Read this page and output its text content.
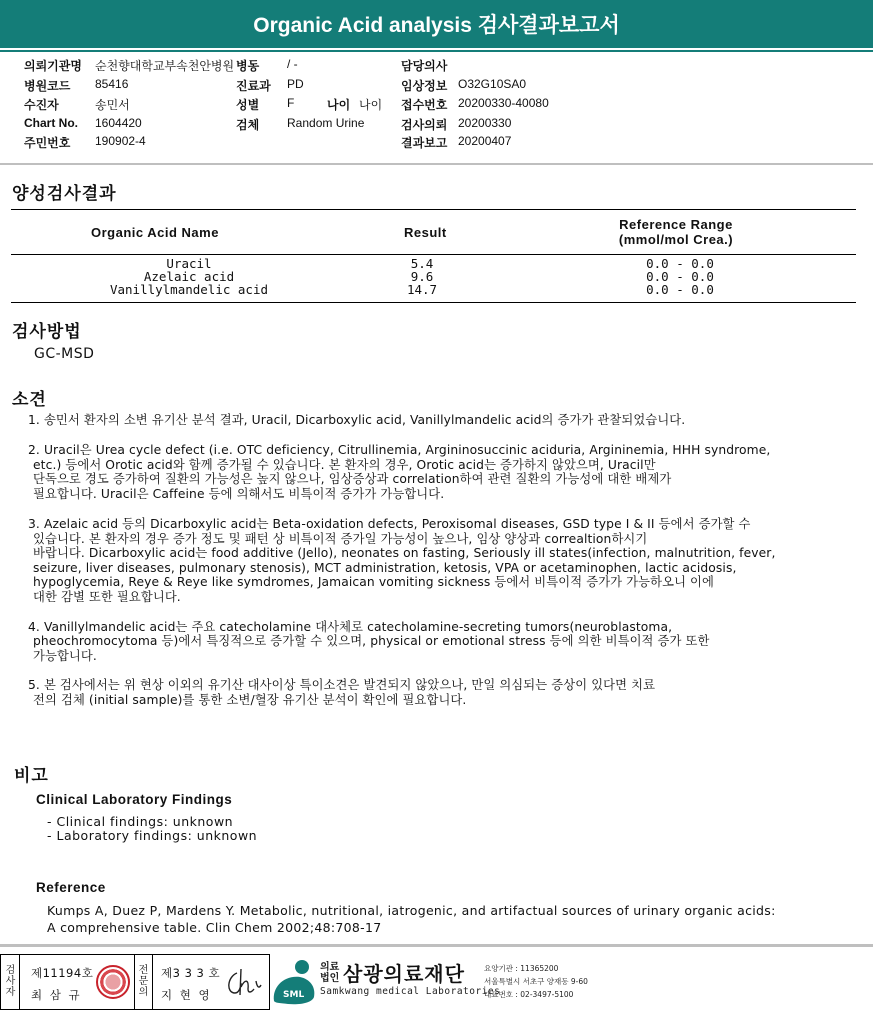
Organic Acid analysis 검사결과보고서
의뢰기관명 순천향대학교부속천안병원
병원코드 85416
수진자	송민서
Chart No. 1604420
주민번호 190902-4
병동 / -
진료과 PD
성별 F	나이 나이
검체 Random Urine
담당의사
임상정보 O32G10SA0
접수번호 20200330-40080
검사의뢰 20200330
결과보고 20200407
양성검사결과
Organic Acid Name	Result
Reference Range
(mmol/mol Crea.)
Uracil	5.4	0.0 - 0.0
Azelaic acid	9.6	0.0 - 0.0
Vanillylmandelic acid	14.7	0.0 - 0.0
검사방법
GC-MSD
소견
1. 송민서 환자의 소변 유기산 분석 결과, Uracil, Dicarboxylic acid, Vanillylmandelic acid의 증가가 관찰되었습니다.
2. Uracil은 Urea cycle defect (i.e. OTC deficiency, Citrullinemia, Argininosuccinic aciduria, Argininemia, HHH syndrome,
etc.) 등에서 Orotic acid와 함께 증가될 수 있습니다. 본 환자의 경우, Orotic acid는 증가하지 않았으며, Uracil만
단독으로 경도 증가하여 질환의 가능성은 높지 않으나, 임상증상과 correlation하여 관련 질환의 가능성에 대한 배제가
필요합니다. Uracil은 Caffeine 등에 의해서도 비특이적 증가가 가능합니다.
3. Azelaic acid 등의 Dicarboxylic acid는 Beta-oxidation defects, Peroxisomal diseases, GSD type I & II 등에서 증가할 수
있습니다. 본 환자의 경우 증가 정도 및 패턴 상 비특이적 증가일 가능성이 높으나, 임상 양상과 correaltion하시기
바랍니다. Dicarboxylic acid는 food additive (Jello), neonates on fasting, Seriously ill states(infection, malnutrition, fever,
seizure, liver diseases, pulmonary stenosis), MCT administration, ketosis, VPA or acetaminophen, lactic acidosis,
hypoglycemia, Reye & Reye like symdromes, Jamaican vomiting sickness 등에서 비특이적 증가가 가능하오니 이에
대한 감별 또한 필요합니다.
4. Vanillylmandelic acid는 주요 catecholamine 대사체로 catecholamine-secreting tumors(neuroblastoma,
pheochromocytoma 등)에서 특징적으로 증가할 수 있으며, physical or emotional stress 등에 의한 비특이적 증가 또한
가능합니다.
5. 본 검사에서는 위 현상 이외의 유기산 대사이상 특이소견은 발견되지 않았으나, 만일 의심되는 증상이 있다면 치료
전의 검체 (initial sample)를 통한 소변/혈장 유기산 분석이 확인에 필요합니다.
비고
Clinical Laboratory Findings
- Clinical findings: unknown
- Laboratory findings: unknown
Reference
Kumps A, Duez P, Mardens Y. Metabolic, nutritional, iatrogenic, and artifactual sources of urinary organic acids:
A comprehensive table. Clin Chem 2002;48:708-17
검
사
자
제11194호
최 삼 규
전
문
의
제3 3 3 호
지 현 영	SML
의료
법인 삼광의료재단
Samkwang medical Laboratories
요양기관 : 11365200
서울특별시 서초구 양재동 9-60
대표번호 : 02-3497-5100
